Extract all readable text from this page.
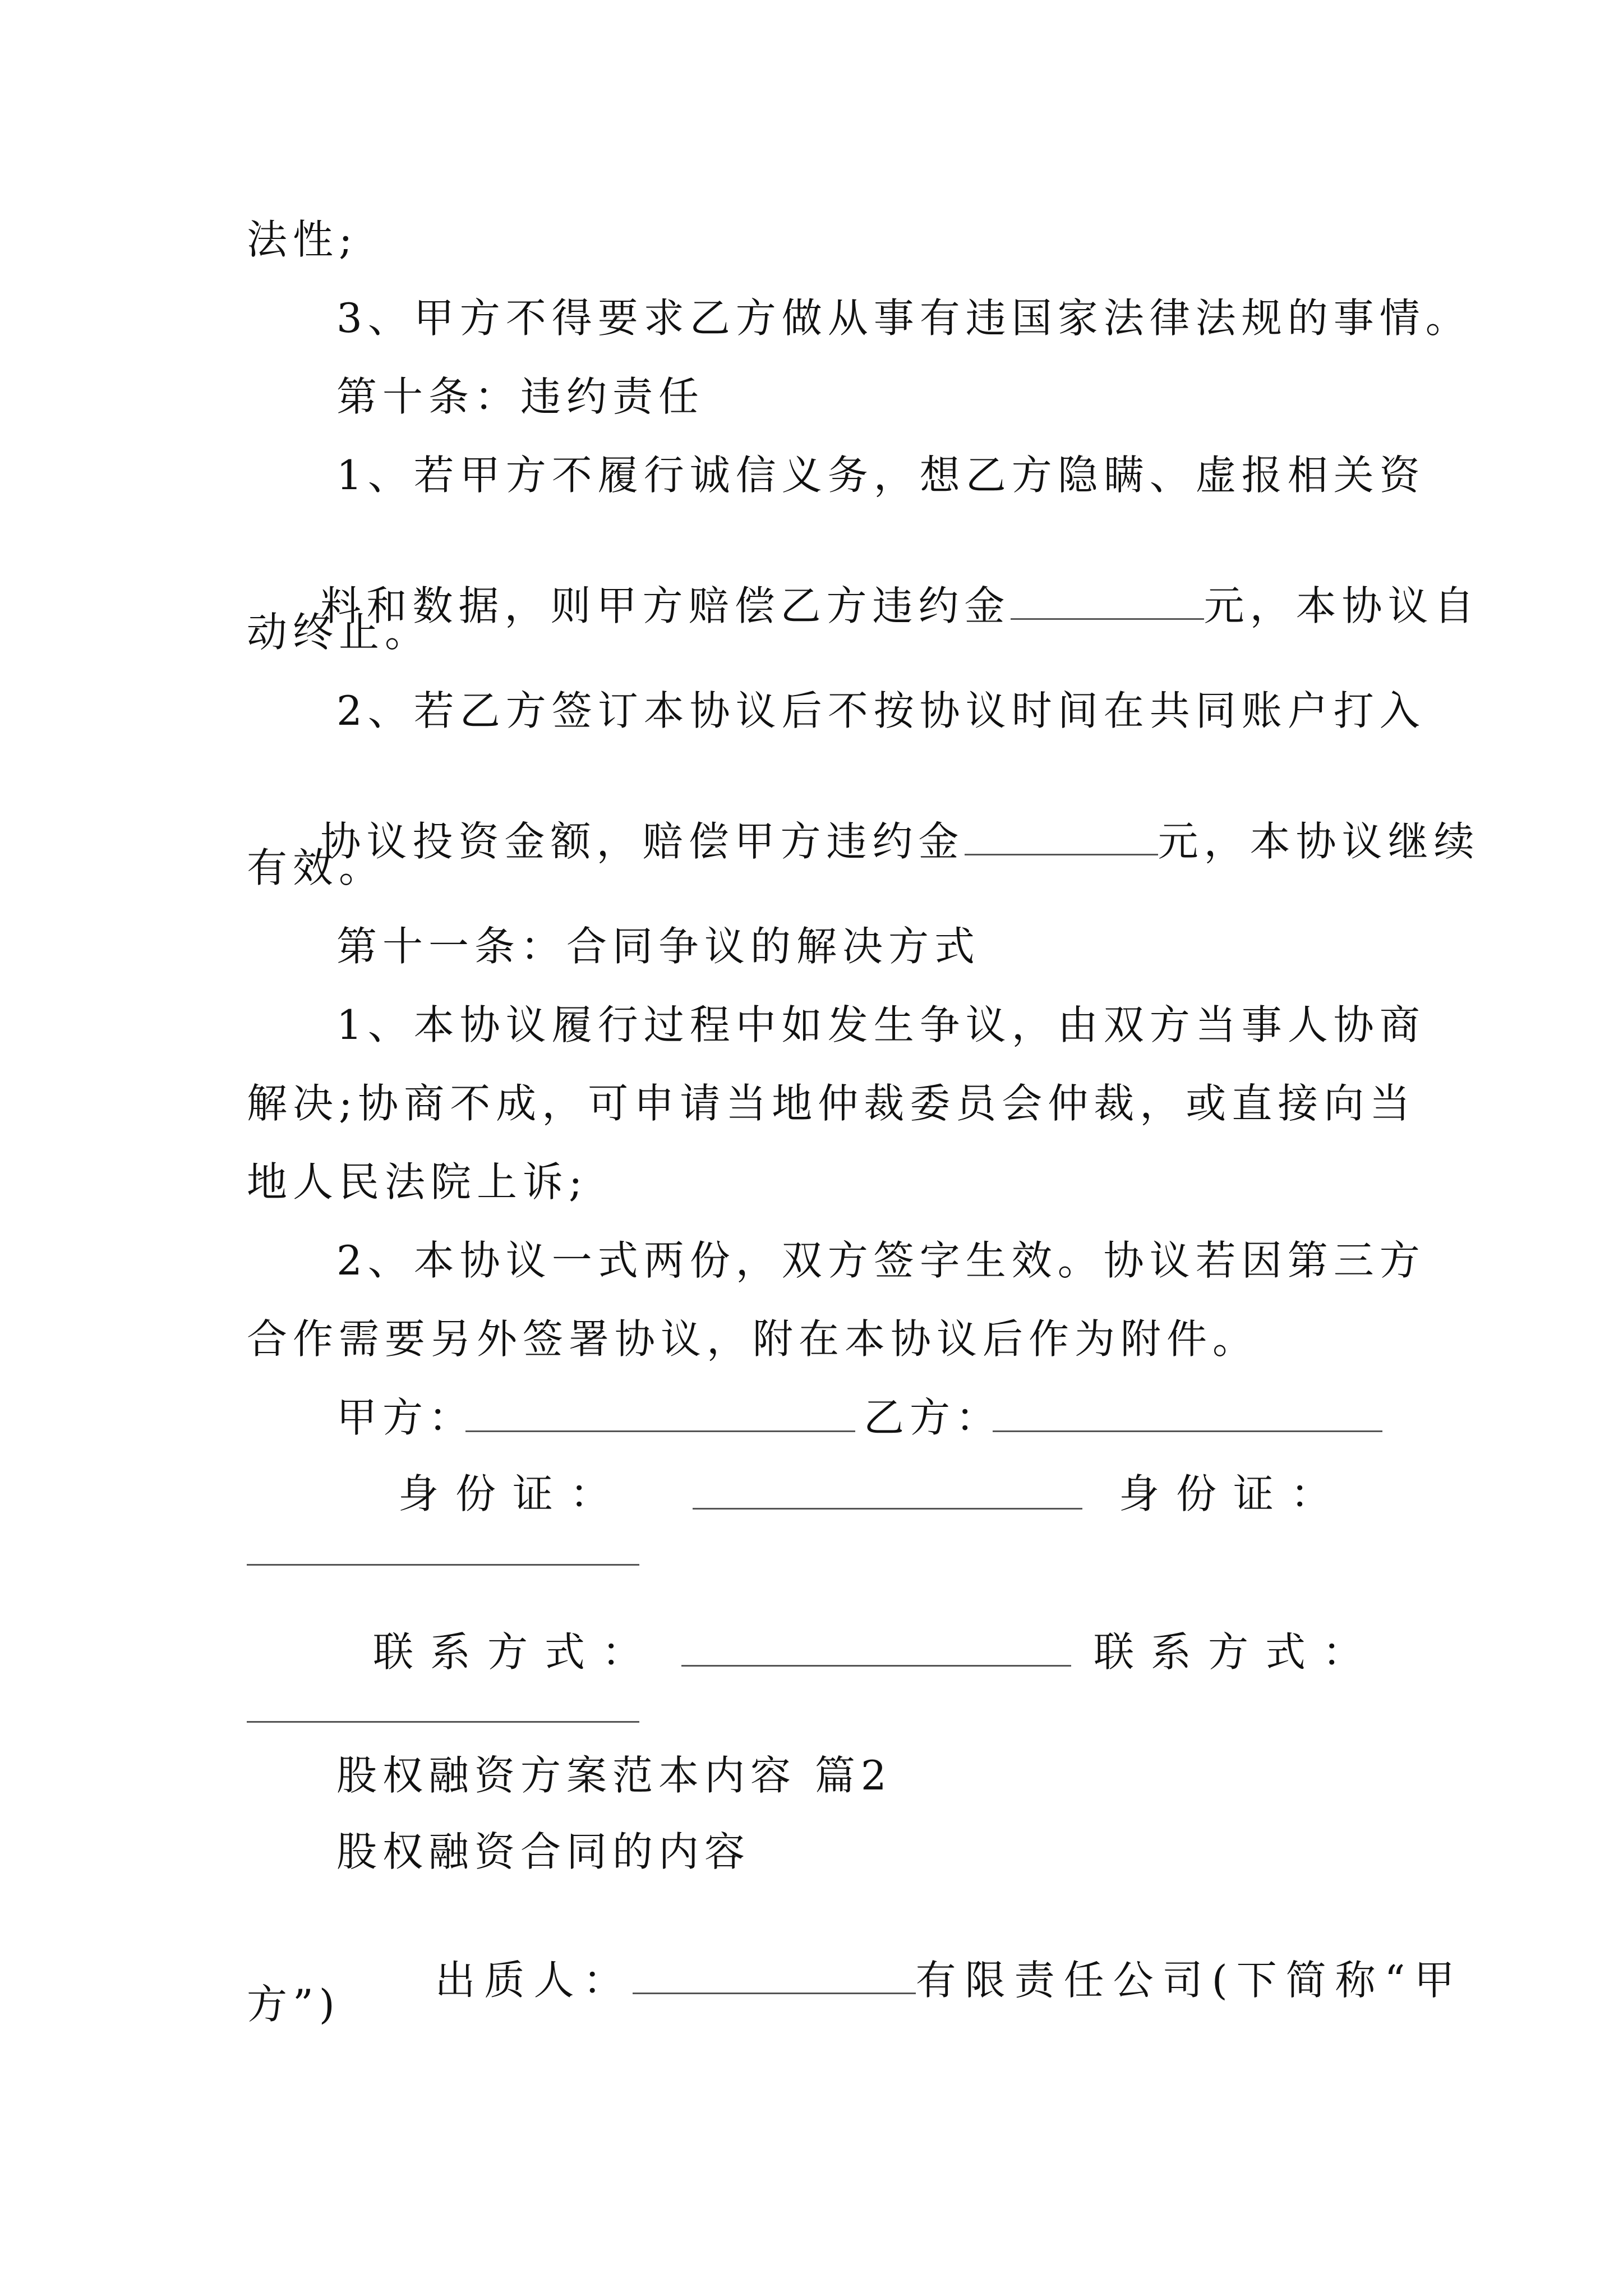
法性;
3、甲方不得要求乙方做从事有违国家法律法规的事情。
第十条：违约责任
1、若甲方不履行诚信义务，想乙方隐瞒、虚报相关资

料和数据，则甲方赔偿乙方违约金	元，本协议自

动终止。
2、若乙方签订本协议后不按协议时间在共同账户打入

协议投资金额，赔偿甲方违约金	元，本协议继续

有效。
第十一条：合同争议的解决方式
1、本协议履行过程中如发生争议，由双方当事人协商
解决;协商不成，可申请当地仲裁委员会仲裁，或直接向当
地人民法院上诉;
2、本协议一式两份，双方签字生效。协议若因第三方
合作需要另外签署协议，附在本协议后作为附件。
甲方：	乙方：
身份证：	身份证：
联系方式：	联系方式：
股权融资方案范本内容 篇2
股权融资合同的内容

出质人：	有限责任公司(下简称“甲

方”)
